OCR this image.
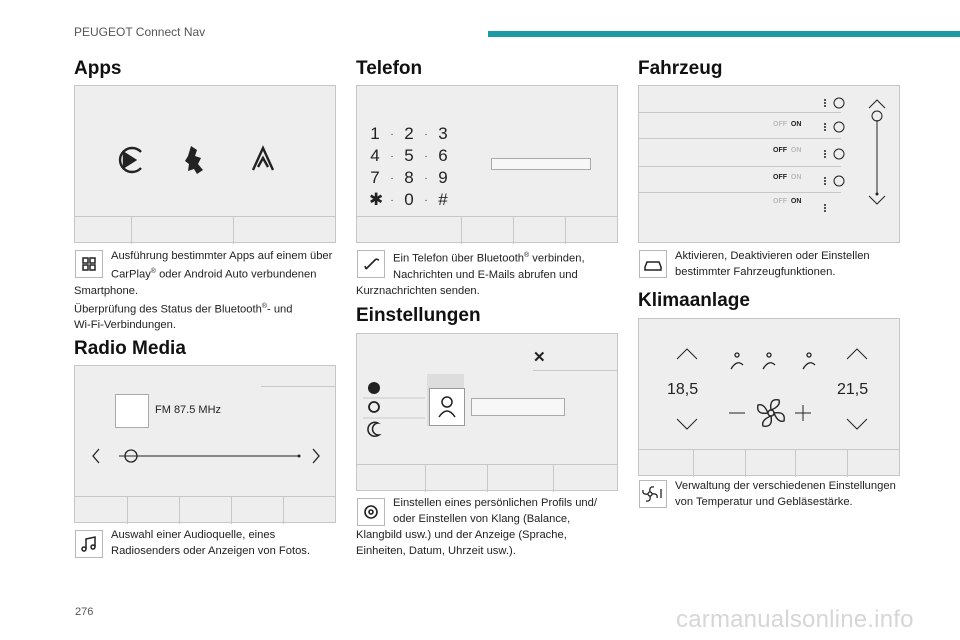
PEUGEOT Connect Nav
Apps
Ausführung bestimmter Apps auf einem über
CarPlay® oder Android Auto verbundenen
Smartphone.
Überprüfung des Status der Bluetooth®- und
Wi-Fi-Verbindungen.
Radio Media
FM 87.5 MHz
Auswahl einer Audioquelle, eines
Radiosenders oder Anzeigen von Fotos.
Telefon
1 · 2 · 3
4 · 5 · 6
7 · 8 · 9
✱ · 0 · #
Ein Telefon über Bluetooth® verbinden,
Nachrichten und E-Mails abrufen und
Kurznachrichten senden.
Einstellungen
✕
Einstellen eines persönlichen Profils und/
oder Einstellen von Klang (Balance,
Klangbild usw.) und der Anzeige (Sprache,
Einheiten, Datum, Uhrzeit usw.).
Fahrzeug
OFF ON
OFF ON
OFF ON
OFF ON
Aktivieren, Deaktivieren oder Einstellen
bestimmter Fahrzeugfunktionen.
Klimaanlage
18,5	21,5
Verwaltung der verschiedenen Einstellungen
von Temperatur und Gebläsestärke.
276	carmanualsonline.info
